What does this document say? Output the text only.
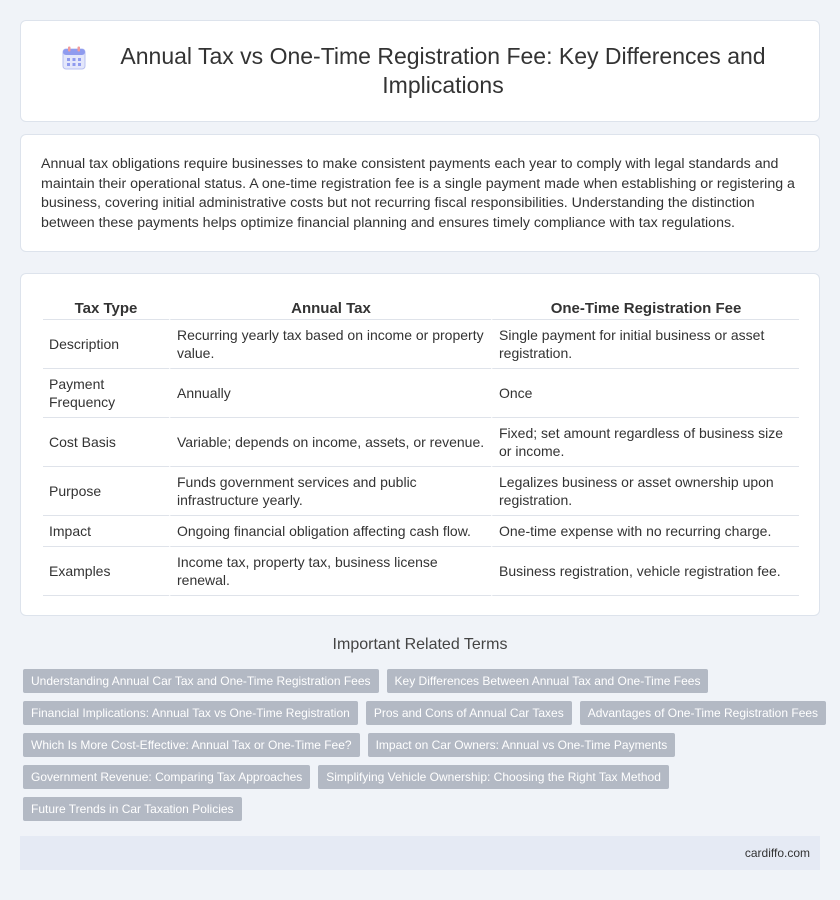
Annual Tax vs One-Time Registration Fee: Key Differences and Implications

Annual tax obligations require businesses to make consistent payments each year to comply with legal standards and maintain their operational status. A one-time registration fee is a single payment made when establishing or registering a business, covering initial administrative costs but not recurring fiscal responsibilities. Understanding the distinction between these payments helps optimize financial planning and ensures timely compliance with tax regulations.

Tax Type	Annual Tax	One-Time Registration Fee
Description	Recurring yearly tax based on income or property value.	Single payment for initial business or asset registration.
Payment Frequency	Annually	Once
Cost Basis	Variable; depends on income, assets, or revenue.	Fixed; set amount regardless of business size or income.
Purpose	Funds government services and public infrastructure yearly.	Legalizes business or asset ownership upon registration.
Impact	Ongoing financial obligation affecting cash flow.	One-time expense with no recurring charge.
Examples	Income tax, property tax, business license renewal.	Business registration, vehicle registration fee.
Important Related Terms
Understanding Annual Car Tax and One-Time Registration Fees	Key Differences Between Annual Tax and One-Time Fees
Financial Implications: Annual Tax vs One-Time Registration	Pros and Cons of Annual Car Taxes	Advantages of One-Time Registration Fees
Which Is More Cost-Effective: Annual Tax or One-Time Fee?	Impact on Car Owners: Annual vs One-Time Payments
Government Revenue: Comparing Tax Approaches	Simplifying Vehicle Ownership: Choosing the Right Tax Method
Future Trends in Car Taxation Policies
cardiffo.com
